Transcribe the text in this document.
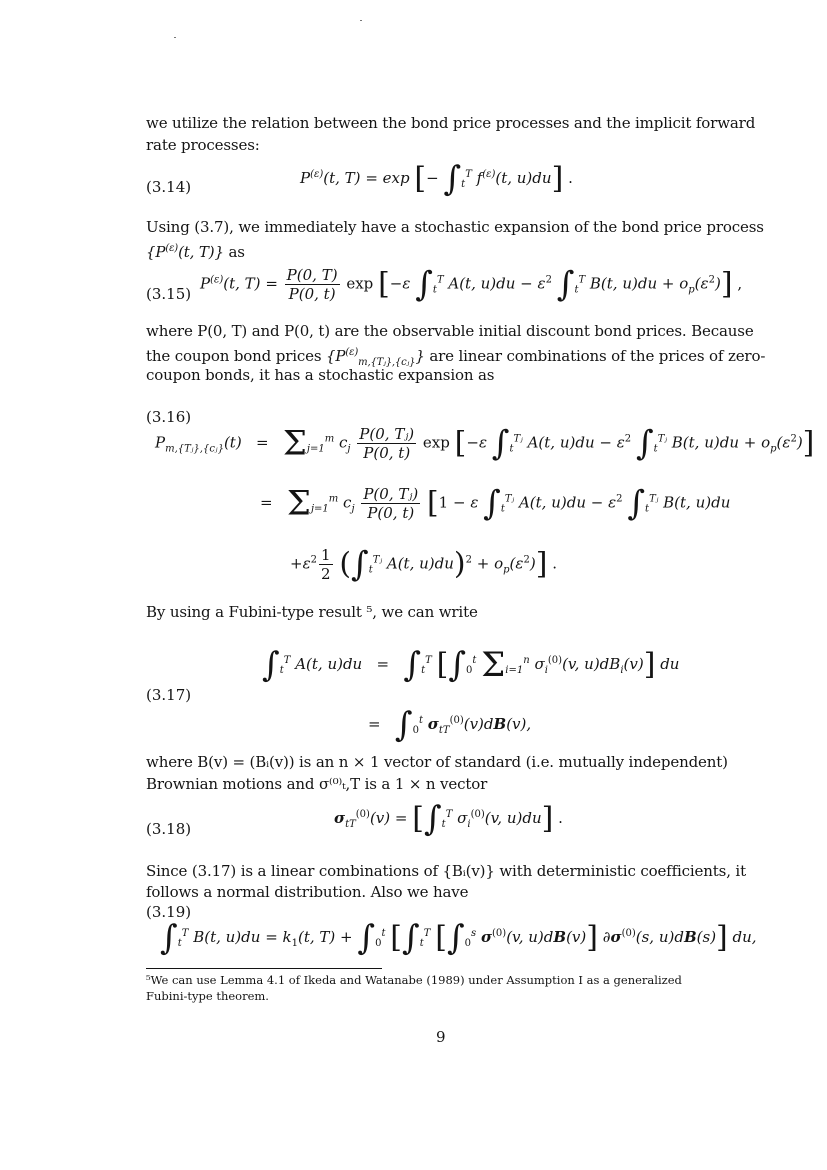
we utilize the relation between the bond price processes and the implicit forward
rate processes:
(3.14)	$P^{(\varepsilon)}(t$, T) = exp [− $\int_t^T$ $f^{(\varepsilon)}(t$, u)du] .
Using (3.7), we immediately have a stochastic expansion of the bond price process
{$P^{(\varepsilon)}(t$, T)} as
(3.15)
$P^{(\varepsilon)}(t$, $T) = \frac{P(0, T)}{P(0, t)}$ exp [−ε $\int_t^T$ A(t, $u)du - \varepsilon^2$ $\int_t^T$ B(t, $u)du + o_p(\varepsilon^2)$] ,
where P(0, T) and P(0, t) are the observable initial discount bond prices. Because
the coupon bond prices $\{P^{(\varepsilon)}_{m,\{Tⱼ\},\{cⱼ\}}\}$ are linear combinations of the prices of zero-
coupon bonds, it has a stochastic expansion as
(3.16)
$P_{m,\{Tⱼ\},\{cⱼ\}}(t) = \Sigma_{j=1}^m$ $c_j \frac{\text{P(0, Tⱼ)}}{P(0, t)}$ exp [−ε $\int_t^{Tⱼ}$ A(t, $u)du - \varepsilon^2$ $\int_t^{Tⱼ}$ B(t, $u)du + o_p(\varepsilon^2)$]
=   $\Sigma_{j=1}^m$ $c_j \frac{\text{P(0, Tⱼ)}}{P(0, t)} [1 - \varepsilon$ $\int_t^{Tⱼ}$ A(t, $u)du - \varepsilon^2$ $\int_t^{Tⱼ}$ B(t, u)du
$+\varepsilon^2 \frac{1}{2} (\int_t^{Tⱼ}$ A(t, $u)du)^2 + o_p(\varepsilon^2)$] .
By using a Fubini-type result ⁵, we can write
(3.17)
$\int_t^T$ A(t, $u)du = \int_t^T$ [$\int_0^t$ $\Sigma_{i=1}^n$ $\sigma_i^{(0)}(v$, $u)dB_i(v)$] du
=   $\int_0^t$ $\sigma_{tT}^{(0)}(v)dB(v)$,
where B(v) = (Bᵢ(v)) is an n × 1 vector of standard (i.e. mutually independent)
Brownian motions and σ⁽⁰⁾ₜ,T is a 1 × n vector
(3.18)
$\sigma_{tT}^{(0)}(v) = [\int_t^T$ $\sigma_i^{(0)}(v$, u)du] .
Since (3.17) is a linear combinations of {Bᵢ(v)} with deterministic coefficients, it
follows a normal distribution. Also we have
(3.19)
$\int_t^T$ B(t, $u)du = k_1(t$, $T) + \int_0^t$ [$\int_t^T$ [$\int_0^s$ $\sigma^{(0)}(v$, u)dB(v)] $\partial\sigma^{(0)}(s$, u)dB(s)] du,
⁵We can use Lemma 4.1 of Ikeda and Watanabe (1989) under Assumption I as a generalized
Fubini-type theorem.
9
